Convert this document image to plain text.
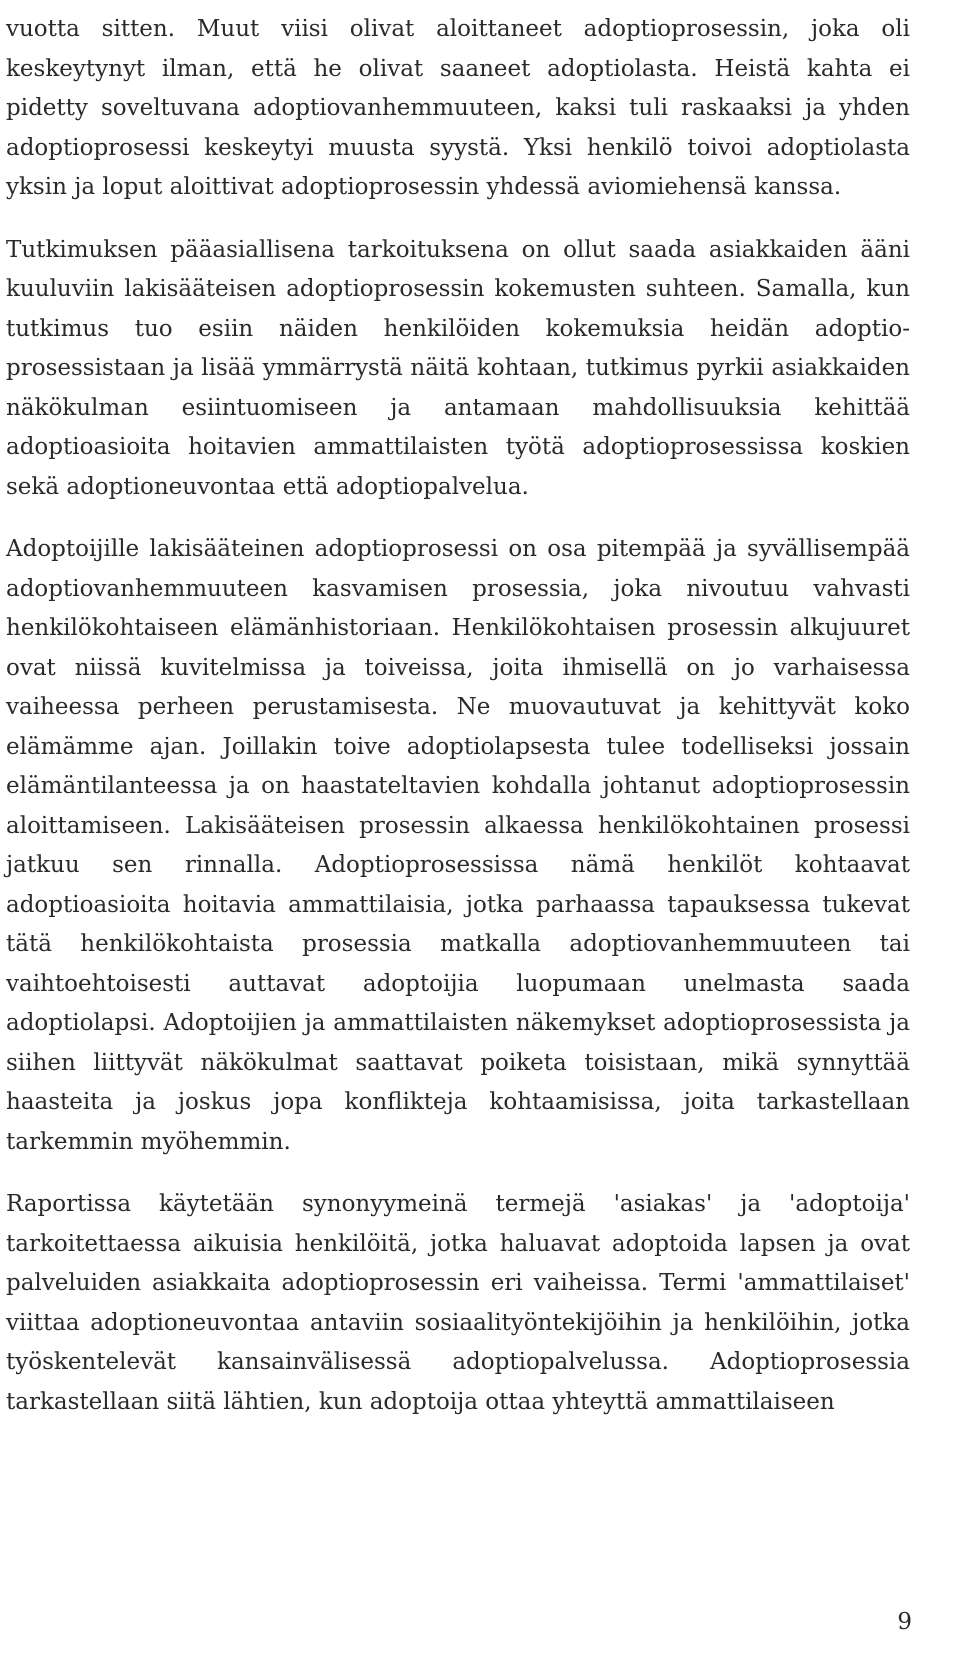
vuotta sitten. Muut viisi olivat aloittaneet adoptioprosessin, joka oli keskeytynyt ilman, että he olivat saaneet adoptiolasta. Heistä kahta ei pidetty soveltuvana adoptiovanhemmuuteen, kaksi tuli raskaaksi ja yhden adoptioprosessi keskeytyi muusta syystä. Yksi henkilö toivoi adoptiolasta yksin ja loput aloittivat adoptioprosessin yhdessä aviomiehensä kanssa.

Tutkimuksen pääasiallisena tarkoituksena on ollut saada asiakkaiden ääni kuuluviin lakisääteisen adoptioprosessin kokemusten suhteen. Samalla, kun tutkimus tuo esiin näiden henkilöiden kokemuksia heidän adoptioprosessistaan ja lisää ymmärrystä näitä kohtaan, tutkimus pyrkii asiakkaiden näkökulman esiintuomiseen ja antamaan mahdollisuuksia kehittää adoptioasioita hoitavien ammattilaisten työtä adoptioprosessissa koskien sekä adoptioneuvontaa että adoptiopalvelua.

Adoptoijille lakisääteinen adoptioprosessi on osa pitempää ja syvällisempää adoptiovanhemmuuteen kasvamisen prosessia, joka nivoutuu vahvasti henkilökohtaiseen elämänhistoriaan. Henkilökohtaisen prosessin alkujuuret ovat niissä kuvitelmissa ja toiveissa, joita ihmisellä on jo varhaisessa vaiheessa perheen perustamisesta. Ne muovautuvat ja kehittyvät koko elämämme ajan. Joillakin toive adoptiolapsesta tulee todelliseksi jossain elämäntilanteessa ja on haastateltavien kohdalla johtanut adoptioprosessin aloittamiseen. Lakisääteisen prosessin alkaessa henkilökohtainen prosessi jatkuu sen rinnalla. Adoptioprosessissa nämä henkilöt kohtaavat adoptioasioita hoitavia ammattilaisia, jotka parhaassa tapauksessa tukevat tätä henkilökohtaista prosessia matkalla adoptiovanhemmuuteen tai vaihtoehtoisesti auttavat adoptoijia luopumaan unelmasta saada adoptiolapsi. Adoptoijien ja ammattilaisten näkemykset adoptioprosessista ja siihen liittyvät näkökulmat saattavat poiketa toisistaan, mikä synnyttää haasteita ja joskus jopa konflikteja kohtaamisissa, joita tarkastellaan tarkemmin myöhemmin.

Raportissa käytetään synonyymeinä termejä 'asiakas' ja 'adoptoija' tarkoitettaessa aikuisia henkilöitä, jotka haluavat adoptoida lapsen ja ovat palveluiden asiakkaita adoptioprosessin eri vaiheissa. Termi 'ammattilaiset' viittaa adoptioneuvontaa antaviin sosiaalityöntekijöihin ja henkilöihin, jotka työskentelevät kansainvälisessä adoptiopalvelussa. Adoptioprosessia tarkastellaan siitä lähtien, kun adoptoija ottaa yhteyttä ammattilaiseen

9
